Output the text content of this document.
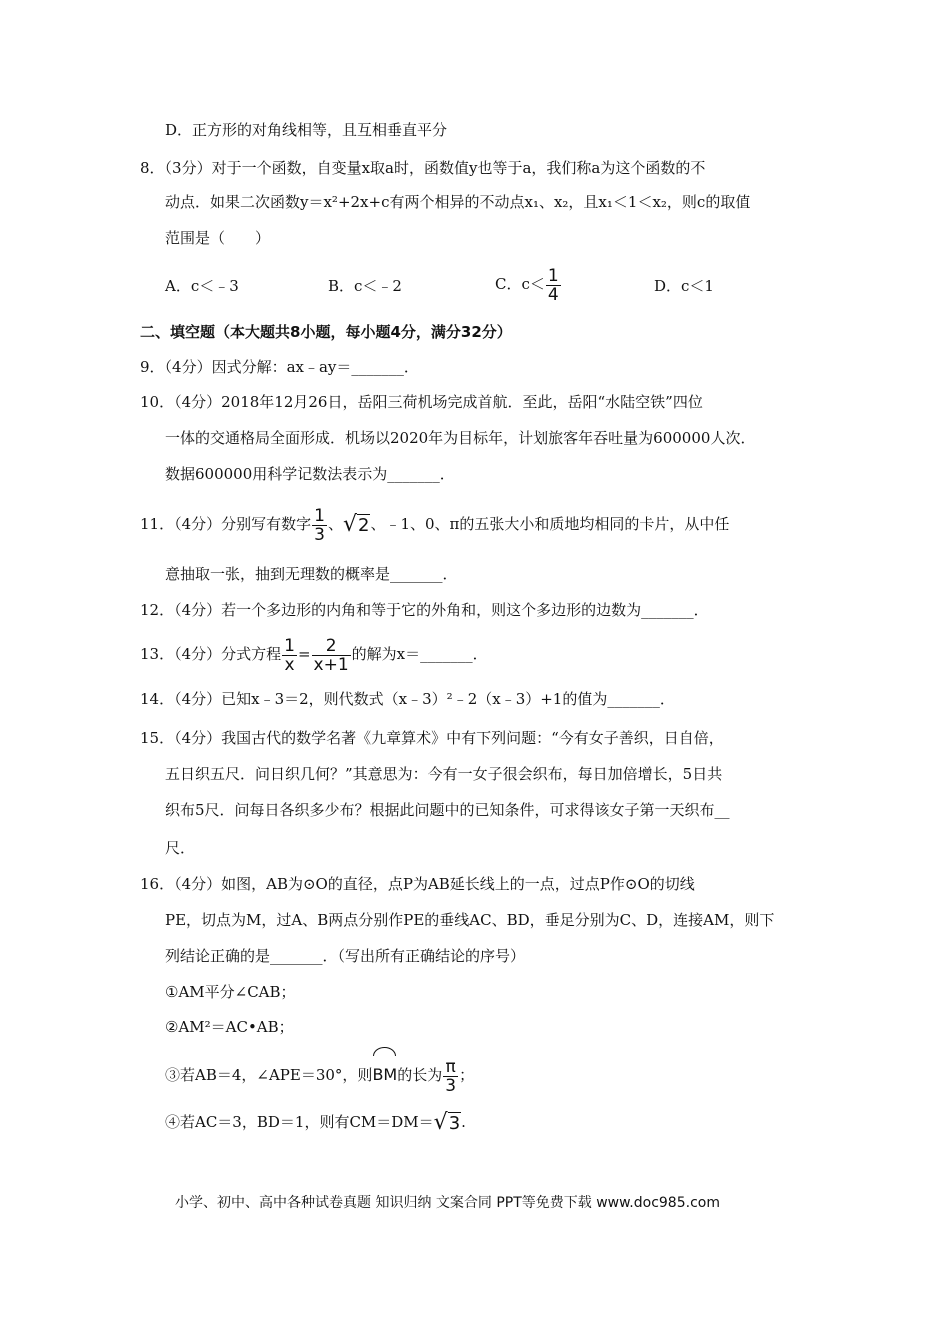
D．正方形的对角线相等，且互相垂直平分
8．（3分）对于一个函数，自变量x取a时，函数值y也等于a，我们称a为这个函数的不
动点．如果二次函数y＝x²+2x+c有两个相异的不动点x₁、x₂，且x₁＜1＜x₂，则c的取值
范围是（　　）
A．c＜﹣3	B．c＜﹣2	C．$c< \frac{1}{4}$	D．c＜1
二、填空题（本大题共8小题，每小题4分，满分32分）
9．（4分）因式分解：ax﹣ay＝_______．
10．（4分）2018年12月26日，岳阳三荷机场完成首航．至此，岳阳“水陆空铁”四位
一体的交通格局全面形成．机场以2020年为目标年，计划旅客年吞吐量为600000人次．
数据600000用科学记数法表示为_______．
11．（4分）分别写有数字 $\frac{1}{3}$ 、√2、﹣1、0、π的五张大小和质地均相同的卡片，从中任
意抽取一张，抽到无理数的概率是_______．
12．（4分）若一个多边形的内角和等于它的外角和，则这个多边形的边数为_______．
13．（4分）分式方程 $\frac{1}{x} = \frac{2}{x+1}$ 的解为x＝_______．
14．（4分）已知x﹣3＝2，则代数式（x﹣3）²﹣2（x﹣3）+1的值为_______．
15．（4分）我国古代的数学名著《九章算术》中有下列问题：“今有女子善织，日自倍，
五日织五尺．问日织几何？”其意思为：今有一女子很会织布，每日加倍增长，5日共
织布5尺．问每日各织多少布？根据此问题中的已知条件，可求得该女子第一天织布__
尺．
16．（4分）如图，AB为⊙O的直径，点P为AB延长线上的一点，过点P作⊙O的切线
PE，切点为M，过A、B两点分别作PE的垂线AC、BD，垂足分别为C、D，连接AM，则下
列结论正确的是_______．（写出所有正确结论的序号）
①AM平分∠CAB；
②AM²＝AC•AB；
③若AB＝4，∠APE＝30°，则BM的长为 $\frac{\pi}{3}$ ；
④若AC＝3，BD＝1，则有CM＝DM＝√3.
小学、初中、高中各种试卷真题 知识归纳 文案合同 PPT等免费下载 www.doc985.com
